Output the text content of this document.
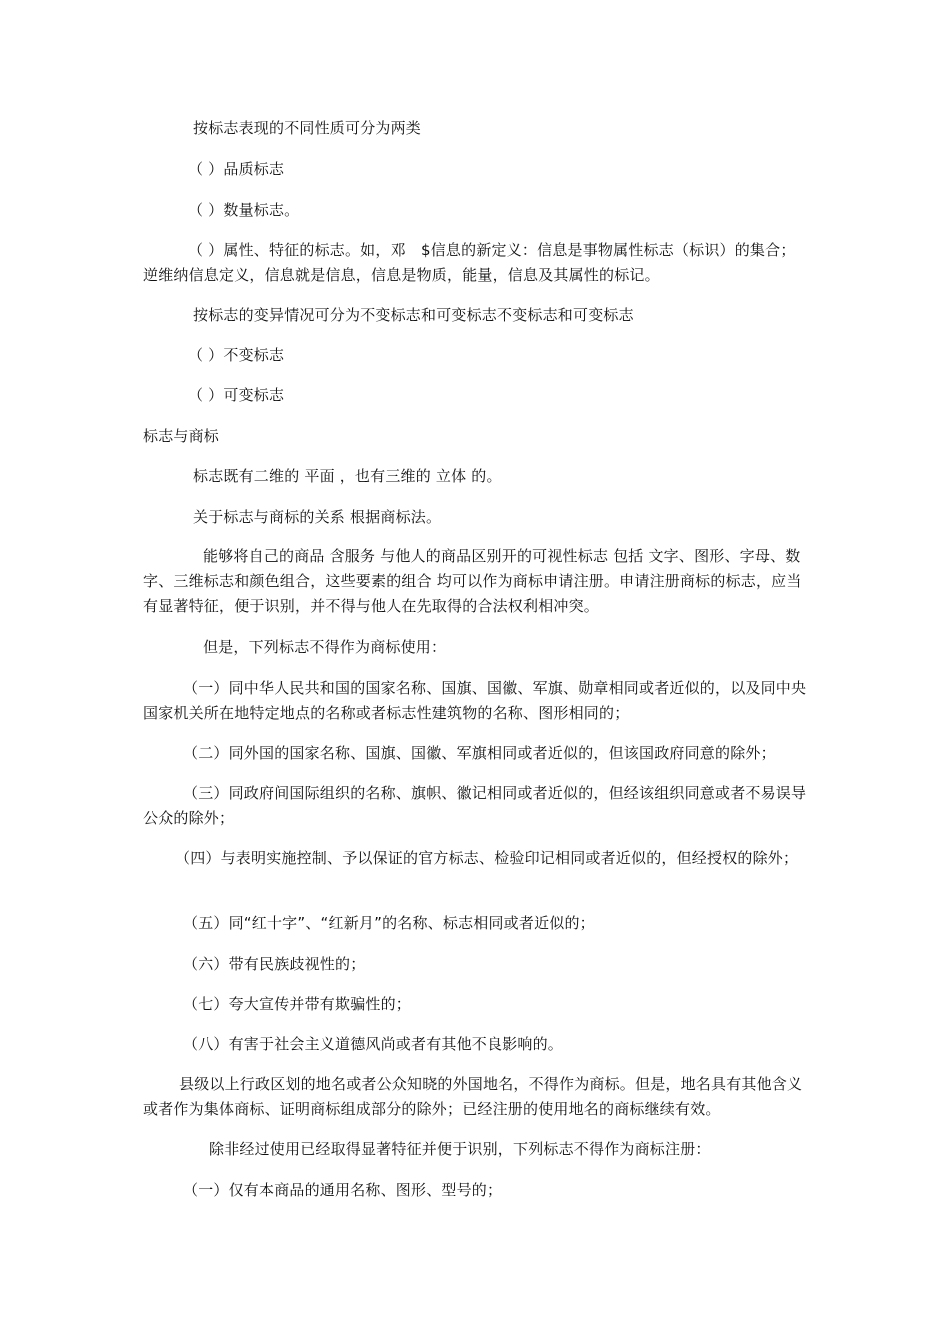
按标志表现的不同性质可分为两类

（ ）品质标志

（ ）数量标志。

（ ）属性、特征的标志。如，邓　$信息的新定义：信息是事物属性标志（标识）的集合；逆维纳信息定义，信息就是信息，信息是物质，能量，信息及其属性的标记。

按标志的变异情况可分为不变标志和可变标志不变标志和可变标志

（ ）不变标志

（ ）可变标志

标志与商标

标志既有二维的 平面 ，也有三维的 立体 的。

关于标志与商标的关系 根据商标法。

能够将自己的商品 含服务 与他人的商品区别开的可视性标志 包括 文字、图形、字母、数字、三维标志和颜色组合，这些要素的组合 均可以作为商标申请注册。申请注册商标的标志，应当有显著特征，便于识别，并不得与他人在先取得的合法权利相冲突。

但是，下列标志不得作为商标使用：

（一）同中华人民共和国的国家名称、国旗、国徽、军旗、勋章相同或者近似的，以及同中央国家机关所在地特定地点的名称或者标志性建筑物的名称、图形相同的；

（二）同外国的国家名称、国旗、国徽、军旗相同或者近似的，但该国政府同意的除外；

（三）同政府间国际组织的名称、旗帜、徽记相同或者近似的，但经该组织同意或者不易误导公众的除外；

（四）与表明实施控制、予以保证的官方标志、检验印记相同或者近似的，但经授权的除外；

（五）同“红十字”、“红新月”的名称、标志相同或者近似的；

（六）带有民族歧视性的；

（七）夸大宣传并带有欺骗性的；

（八）有害于社会主义道德风尚或者有其他不良影响的。

县级以上行政区划的地名或者公众知晓的外国地名，不得作为商标。但是，地名具有其他含义或者作为集体商标、证明商标组成部分的除外；已经注册的使用地名的商标继续有效。

除非经过使用已经取得显著特征并便于识别，下列标志不得作为商标注册：

（一）仅有本商品的通用名称、图形、型号的；
